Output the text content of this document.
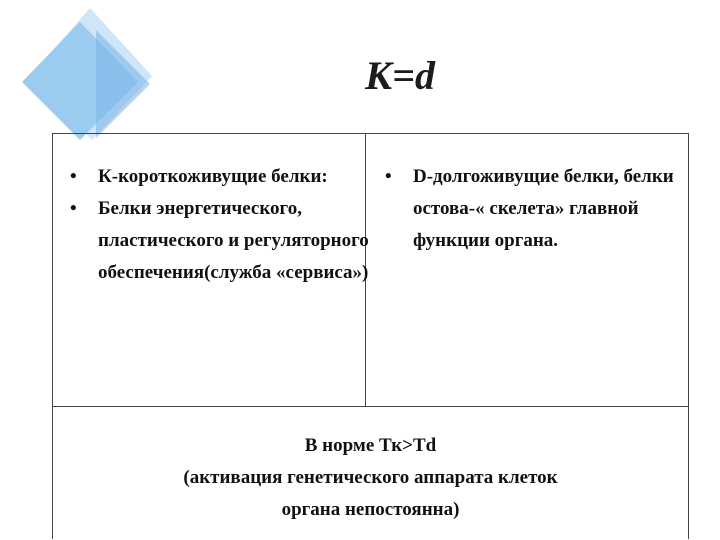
К=d
•	К-короткоживущие белки:
•	Белки энергетического, пластического и регуляторного обеспечения(служба «сервиса»)
•	D-долгоживущие белки, белки остова-« скелета» главной функции органа.
В норме Тк>Тd
(активация генетического аппарата клеток
органа непостоянна)
